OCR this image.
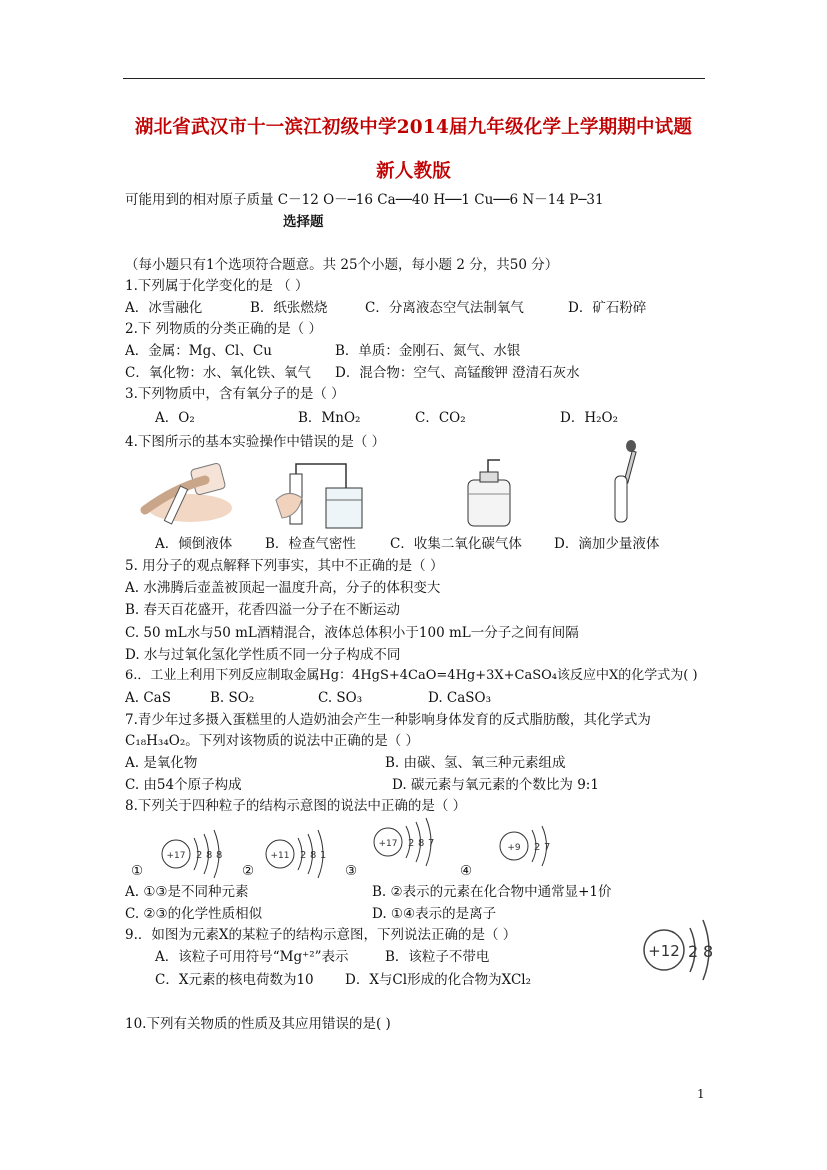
湖北省武汉市十一滨江初级中学2014届九年级化学上学期期中试题
新人教版
可能用到的相对原子质量 C－12 O－─16 Ca──40 H──1 Cu──6 N－14 P─31
选择题
（每小题只有1个选项符合题意。共 25个小题，每小题 2 分，共50 分）
1.下列属于化学变化的是 （ ）
A．冰雪融化	B．纸张燃烧	C．分离液态空气法制氧气	D．矿石粉碎
2.下 列物质的分类正确的是（ ）
A．金属：Mg、Cl、Cu	B．单质：金刚石、氮气、水银
C．氧化物：水、氧化铁、氧气 D．混合物：空气、高锰酸钾 澄清石灰水
3.下列物质中，含有氧分子的是（ ）
A．O₂	B．MnO₂	C．CO₂	D．H₂O₂
4.下图所示的基本实验操作中错误的是（ ）
A．倾倒液体 B．检查气密性	C．收集二氧化碳气体 D．滴加少量液体
5. 用分子的观点解释下列事实，其中不正确的是（ ）
A. 水沸腾后壶盖被顶起一温度升高，分子的体积变大
B. 春天百花盛开，花香四溢一分子在不断运动
C. 50 mL水与50 mL酒精混合，液体总体积小于100 mL一分子之间有间隔
D. 水与过氧化氢化学性质不同一分子构成不同
6.．工业上利用下列反应制取金属Hg：4HgS+4CaO=4Hg+3X+CaSO₄该反应中X的化学式为( )
A. CaS	B. SO₂	C. SO₃	D. CaSO₃
7.青少年过多摄入蛋糕里的人造奶油会产生一种影响身体发育的反式脂肪酸，其化学式为
C₁₈H₃₄O₂。下列对该物质的说法中正确的是（ ）
A. 是氧化物	B. 由碳、氢、氧三种元素组成
C. 由54个原子构成	D. 碳元素与氧元素的个数比为 9:1
8.下列关于四种粒子的结构示意图的说法中正确的是（ ）
①
+17 2 8 8
②
+11 2 8 1
③
+17 2 8 7
④
+9 2 7
A. ①③是不同种元素	B. ②表示的元素在化合物中通常显+1价
C. ②③的化学性质相似	D. ①④表示的是离子
9.．如图为元素X的某粒子的结构示意图，下列说法正确的是（ ）
A．该粒子可用符号“Mg⁺²”表示	B．该粒子不带电
C．X元素的核电荷数为10 D．X与Cl形成的化合物为XCl₂
+12 2 8
10.下列有关物质的性质及其应用错误的是( )
1
